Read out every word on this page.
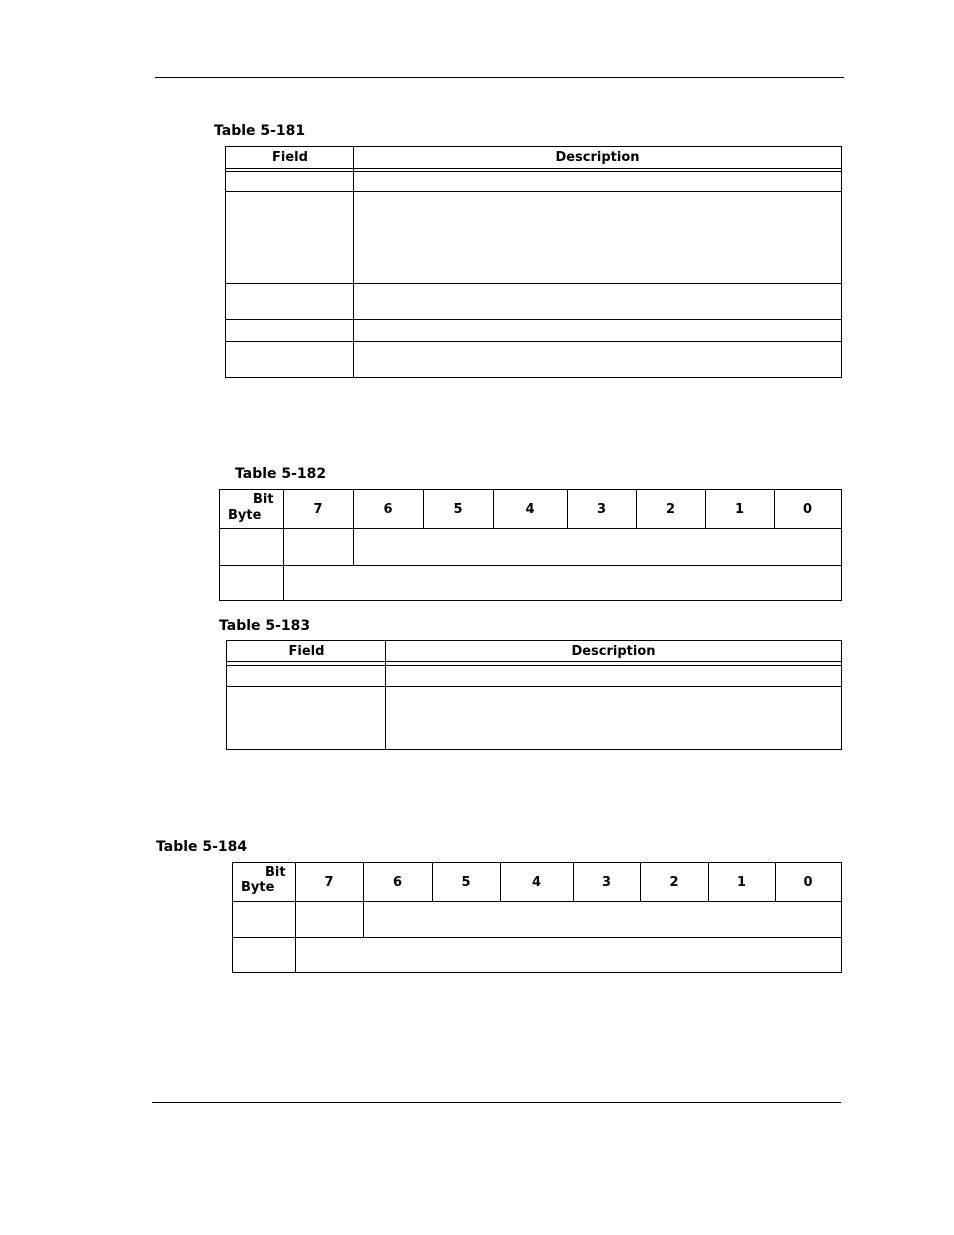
Table 5-181
Field	Description
Table 5-182
Bit
Byte	7	6	5	4	3	2	1	0
Table 5-183
Field	Description
Table 5-184
Bit
Byte	7	6	5	4	3	2	1	0
